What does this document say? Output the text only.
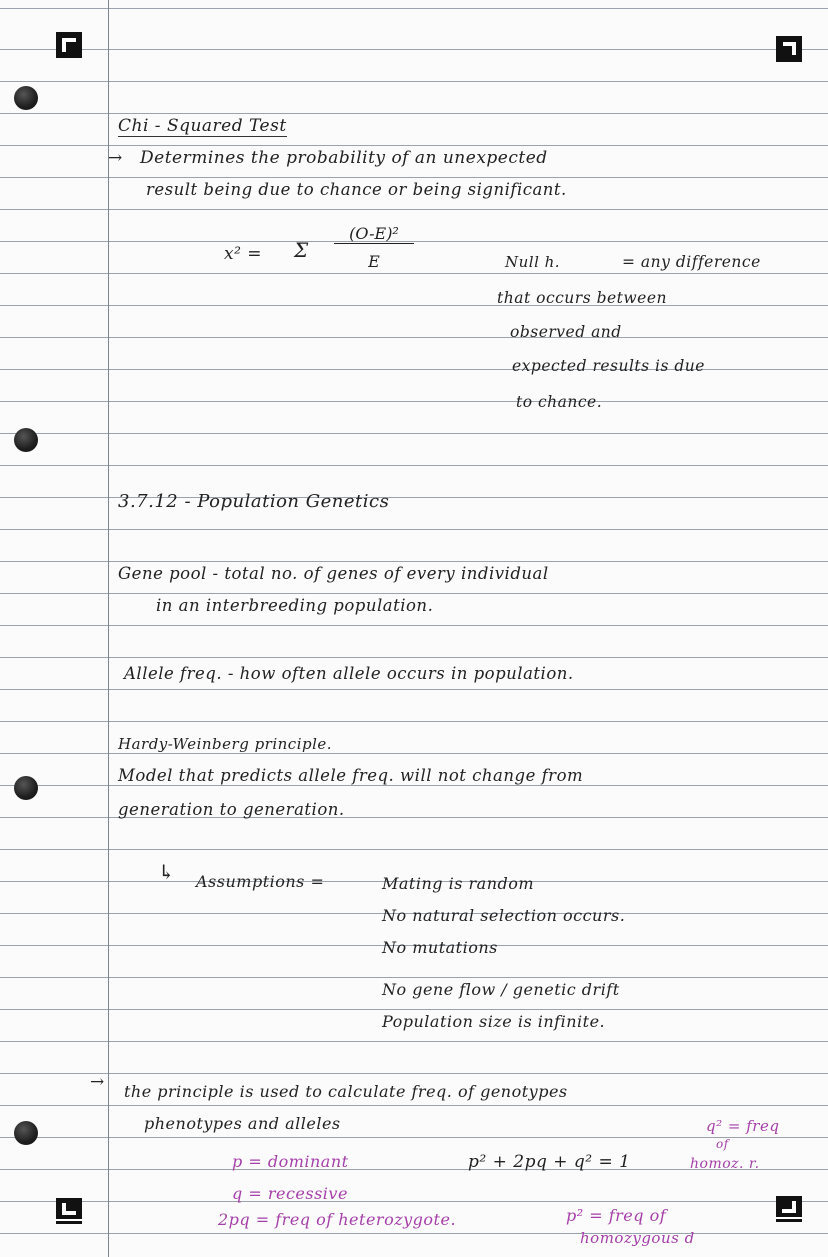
Chi - Squared Test
→ Determines the probability of an unexpected
result being due to chance or being significant.
x² = Σ
(O-E)²
E	Null h.	= any difference
that occurs between
observed and
expected results is due
to chance.
3.7.12 - Population Genetics
Gene pool - total no. of genes of every individual
in an interbreeding population.
Allele freq. - how often allele occurs in population.
Hardy-Weinberg principle.
Model that predicts allele freq. will not change from
generation to generation.
↳ Assumptions =	Mating is random
No natural selection occurs.
No mutations
No gene flow / genetic drift
Population size is infinite.
→ the principle is used to calculate freq. of genotypes
phenotypes and alleles
p² + 2pq + q² = 1
q² = freq
of
homoz. r.
p = dominant
q = recessive
2pq = freq of heterozygote.	p² = freq of
homozygous d
